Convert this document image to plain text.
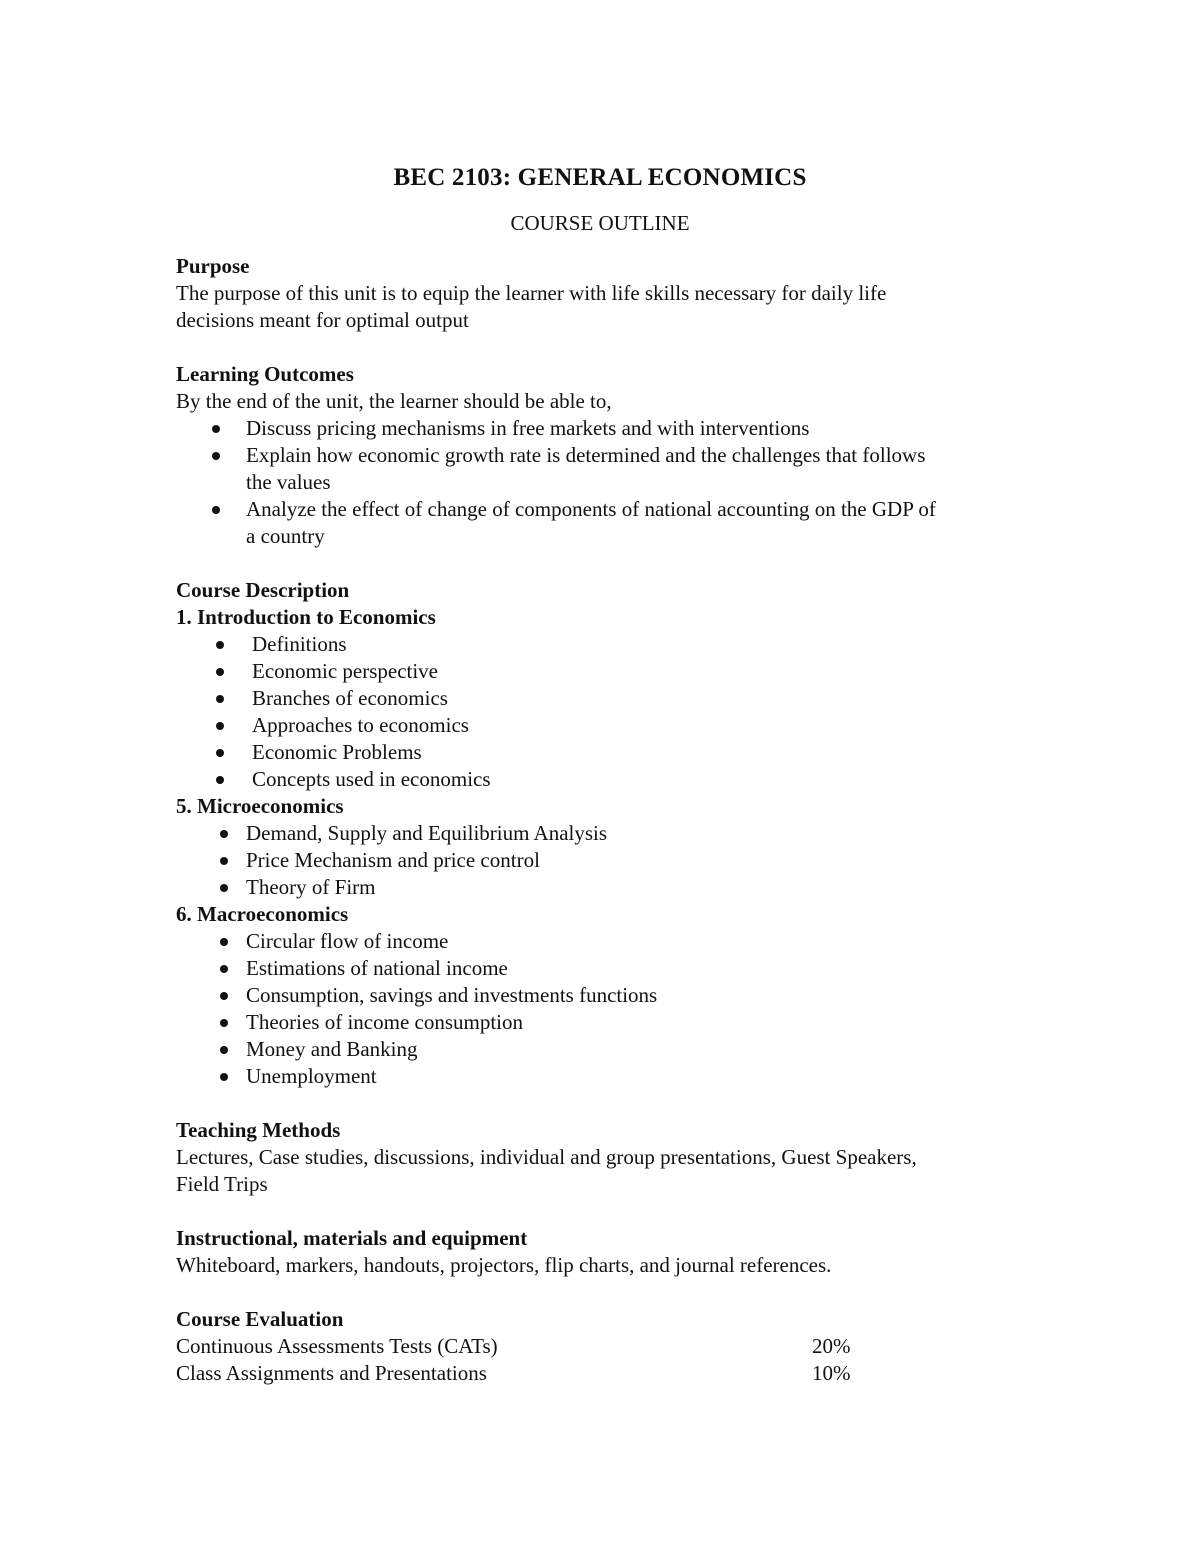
BEC 2103: GENERAL ECONOMICS
COURSE OUTLINE

Purpose

The purpose of this unit is to equip the learner with life skills necessary for daily life

decisions meant for optimal output

Learning Outcomes

By the end of the unit, the learner should be able to,

Discuss pricing mechanisms in free markets and with interventions
Explain how economic growth rate is determined and the challenges that follows
the values
Analyze the effect of change of components of national accounting on the GDP of
a country

Course Description

1. Introduction to Economics

Definitions
Economic perspective
Branches of economics
Approaches to economics
Economic Problems
Concepts used in economics

5. Microeconomics

Demand, Supply and Equilibrium Analysis
Price Mechanism and price control
Theory of Firm

6. Macroeconomics

Circular flow of income
Estimations of national income
Consumption, savings and investments functions
Theories of income consumption
Money and Banking
Unemployment

Teaching Methods

Lectures, Case studies, discussions, individual and group presentations, Guest Speakers,

Field Trips

Instructional, materials and equipment

Whiteboard, markers, handouts, projectors, flip charts, and journal references.

Course Evaluation

Continuous Assessments Tests (CATs)	20%
Class Assignments and Presentations	10%
